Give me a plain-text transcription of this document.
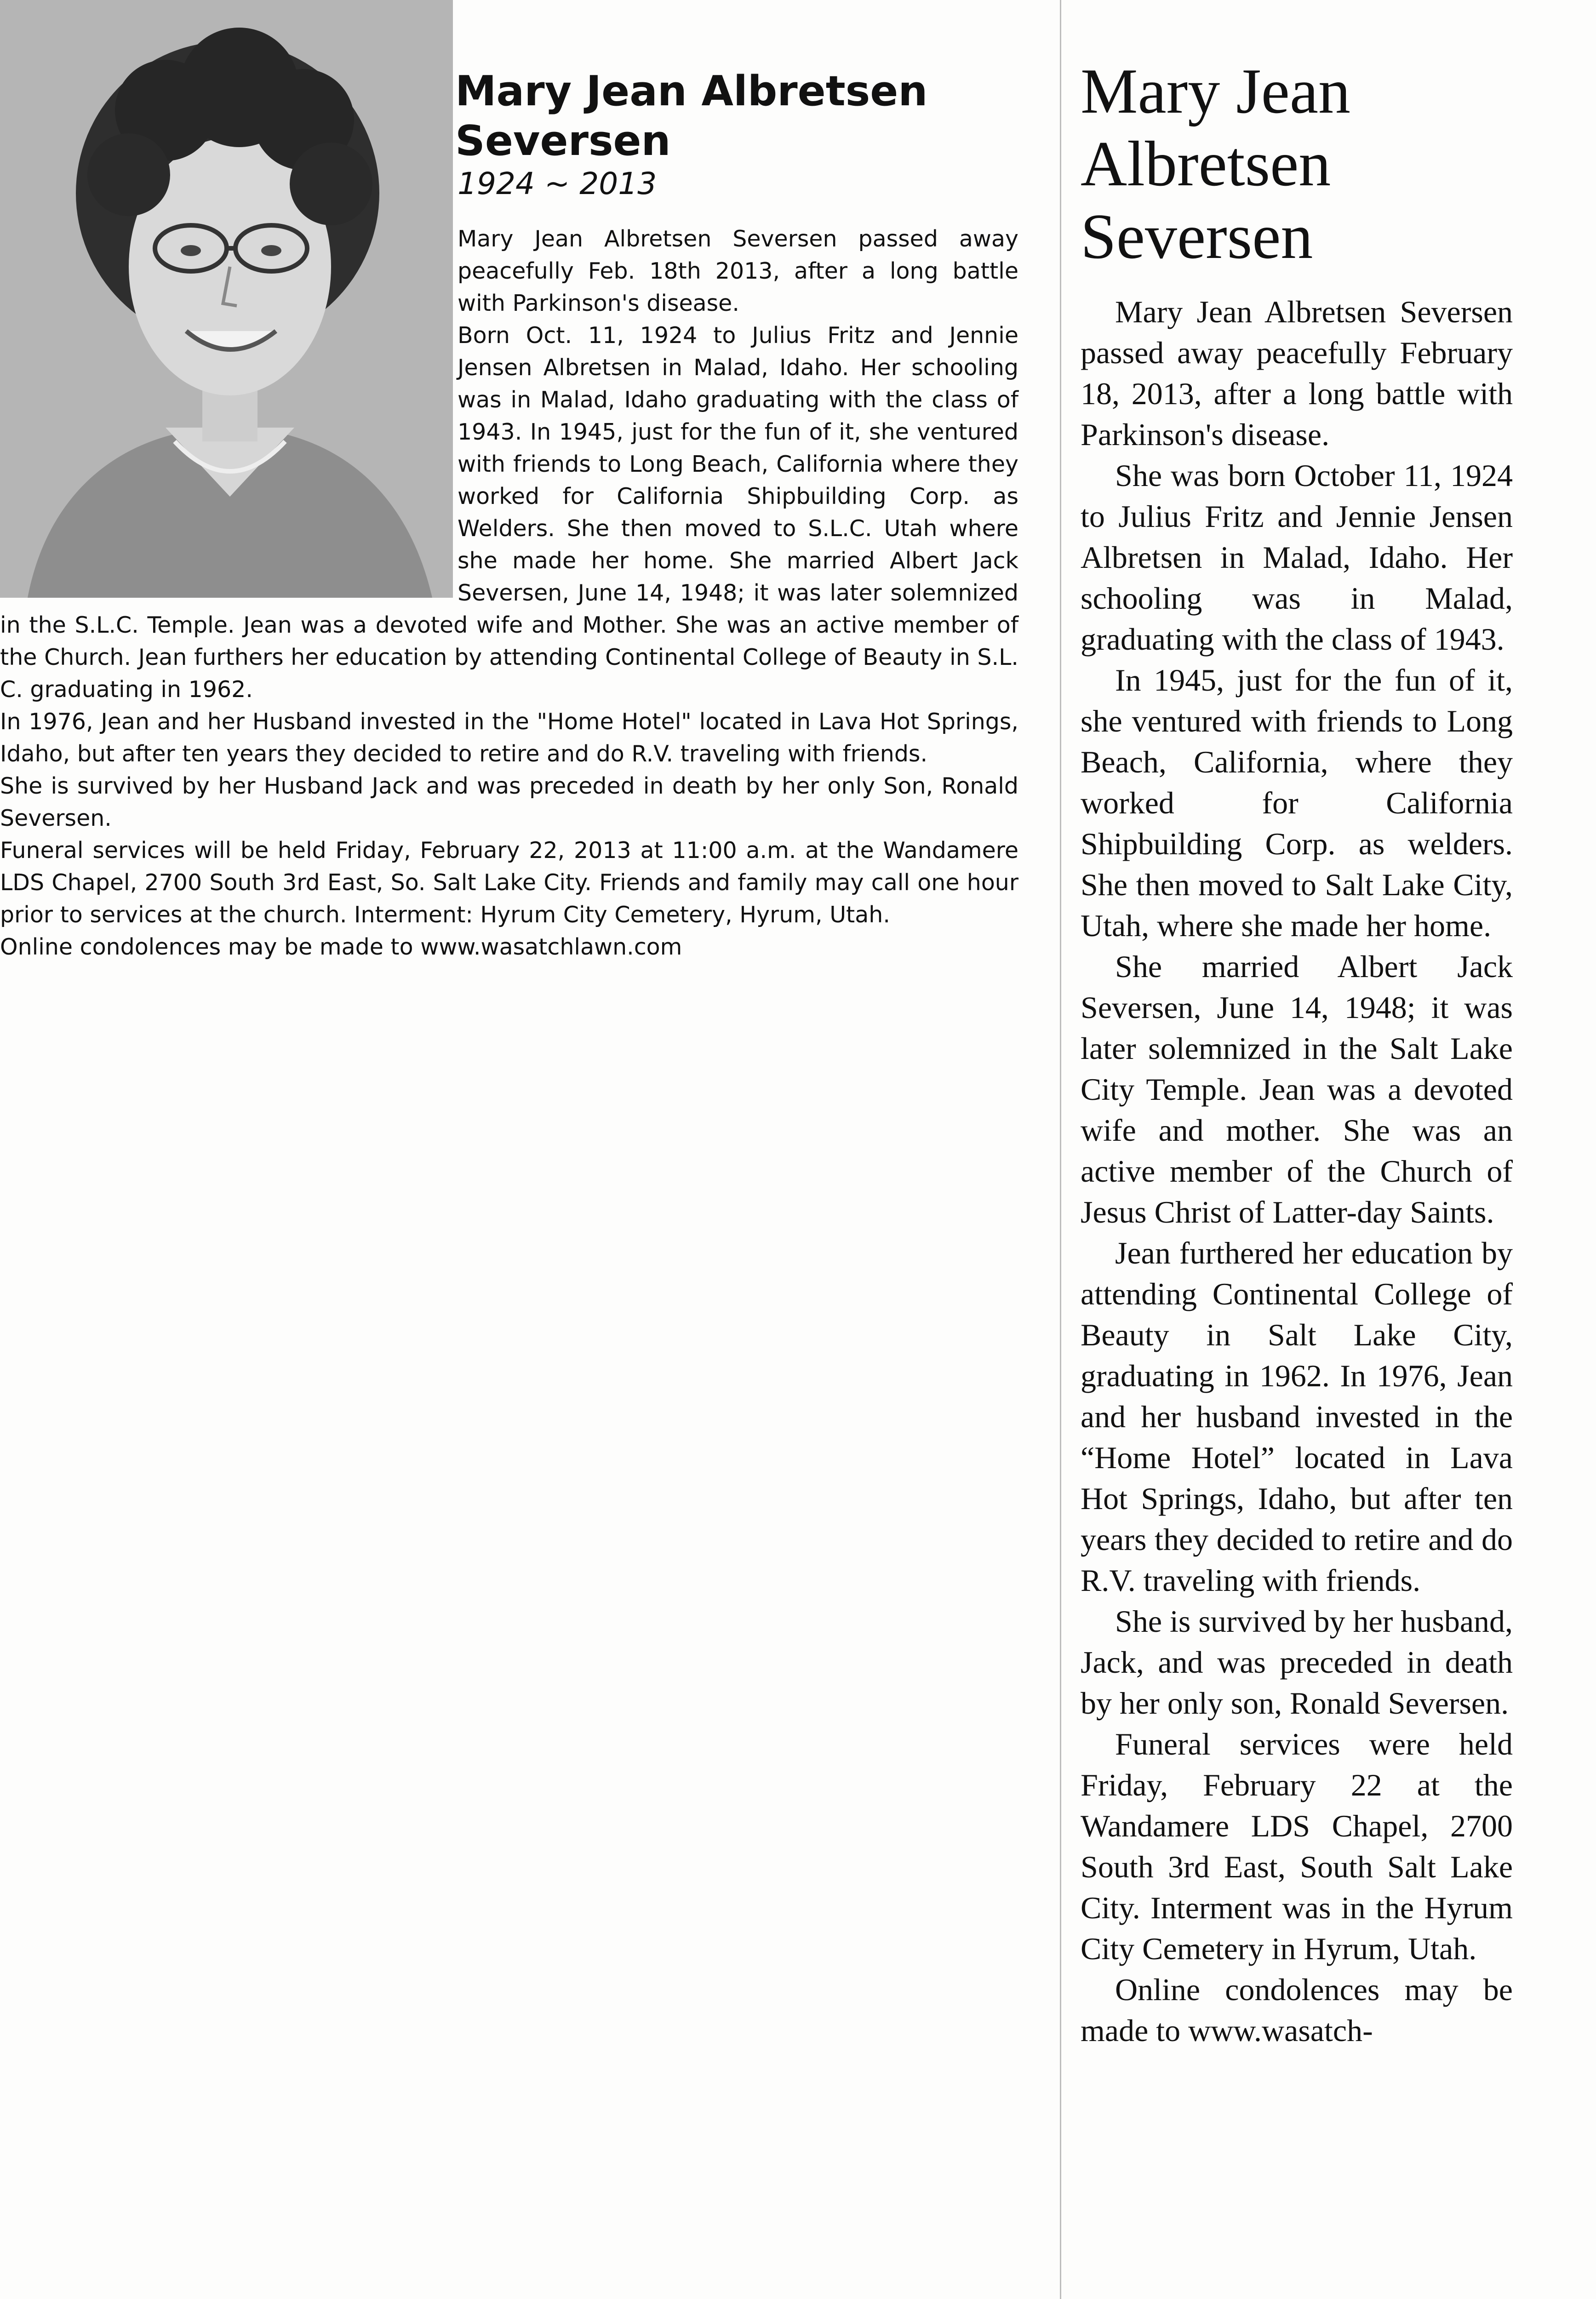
Mary Jean Albretsen Seversen
1924 ~ 2013

Mary Jean Albretsen Seversen passed away peacefully Feb. 18th 2013, after a long battle with Parkinson's disease.

Born Oct. 11, 1924 to Julius Fritz and Jennie Jensen Albretsen in Malad, Idaho. Her schooling was in Malad, Idaho graduating with the class of 1943. In 1945, just for the fun of it, she ventured with friends to Long Beach, California where they worked for California Shipbuilding Corp. as Welders. She then moved to S.L.C. Utah where she made her home. She married Albert Jack Seversen, June 14, 1948; it was later solemnized in the S.L.C. Temple. Jean was a devoted wife and Mother. She was an active member of the Church. Jean furthers her education by attending Continental College of Beauty in S.L. C. graduating in 1962.

In 1976, Jean and her Husband invested in the "Home Hotel" located in Lava Hot Springs, Idaho, but after ten years they decided to retire and do R.V. traveling with friends.

She is survived by her Husband Jack and was preceded in death by her only Son, Ronald Seversen.

Funeral services will be held Friday, February 22, 2013 at 11:00 a.m. at the Wandamere LDS Chapel, 2700 South 3rd East, So. Salt Lake City. Friends and family may call one hour prior to services at the church. Interment: Hyrum City Cemetery, Hyrum, Utah.

Online condolences may be made to www.wasatchlawn.com

Mary Jean Albretsen Seversen

Mary Jean Albretsen Seversen passed away peacefully February 18, 2013, after a long battle with Parkinson's disease.

She was born October 11, 1924 to Julius Fritz and Jennie Jensen Albretsen in Malad, Idaho. Her schooling was in Malad, graduating with the class of 1943.

In 1945, just for the fun of it, she ventured with friends to Long Beach, California, where they worked for California Shipbuilding Corp. as welders. She then moved to Salt Lake City, Utah, where she made her home.

She married Albert Jack Seversen, June 14, 1948; it was later solemnized in the Salt Lake City Temple. Jean was a devoted wife and mother. She was an active member of the Church of Jesus Christ of Latter-day Saints.

Jean furthered her education by attending Continental College of Beauty in Salt Lake City, graduating in 1962. In 1976, Jean and her husband invested in the “Home Hotel” located in Lava Hot Springs, Idaho, but after ten years they decided to retire and do R.V. traveling with friends.

She is survived by her husband, Jack, and was preceded in death by her only son, Ronald Seversen.

Funeral services were held Friday, February 22 at the Wandamere LDS Chapel, 2700 South 3rd East, South Salt Lake City. Interment was in the Hyrum City Cemetery in Hyrum, Utah.

Online condolences may be made to www.wasatch-
